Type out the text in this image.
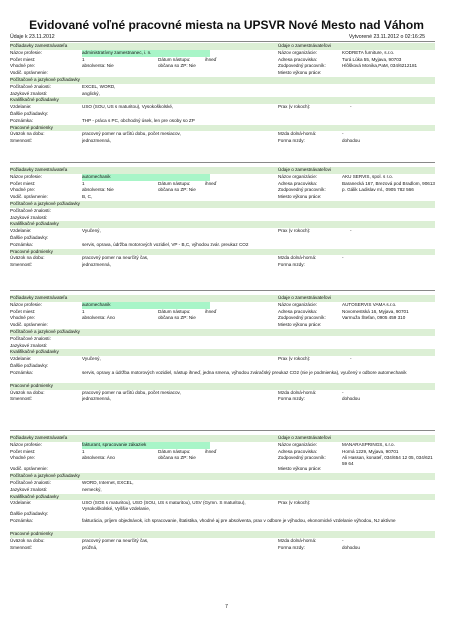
Evidované voľné pracovné miesta na UPSVR Nové Mesto nad Váhom
Údaje k 23.11.2012	Vytvorené 23.11.2012 o 02:16:25
Požiadavky zamestnávateľa	Údaje o zamestnávateľovi
Názov profesie:	administratívny zamestnanec, i. n.	Názov organizácie:	KODRETA furniture, s.r.o.
Počet miest:	1	Dátum nástupu:	ihneď	Adresa pracoviska:	Turá Lúka 55, Myjava, 90703
Vhodné pre:	absolventa: Nie	občana so ZP: Nie	Zodpovedný pracovník:	Hlôšková Monika,PaM, 034/6212181
Vodič. oprávnenie:	Miesto výkonu práce:
Počítačové a jazykové požiadavky
Počítačové znalosti:	EXCEL, WORD,
Jazykové znalosti:	anglický,
Kvalifikačné požiadavky
Vzdelanie:	USO (SOU, US s maturitou), Vysokoškolské,	Prax (v rokoch):	-
Ďalšie požiadavky:
Poznámka:	THP - práca s PC, obchodný úsek, len pre osoby so ZP
Pracovné podmienky
Úväzok na dobu:	pracovný pomer na určitú dobu, počet mesiacov,	Mzda dolná-horná:	-
Smennosť:	jednozmenná,	Forma mzdy:	dohodou
Požiadavky zamestnávateľa	Údaje o zamestnávateľovi
Názov profesie:	automechanik	Názov organizácie:	AKU SERVIS, spol. s r.o.
Počet miest:	1	Dátum nástupu:	ihneď	Adresa pracoviska:	Baranecká 167, Brezová pod Bradlom, 90613
Vhodné pre:	absolventa: Nie	občana so ZP: Nie	Zodpovedný pracovník:	p. Gálik Ladislav ml., 0905 782 566
Vodič. oprávnenie:	B, C,	Miesto výkonu práce:
Počítačové a jazykové požiadavky
Počítačové znalosti:
Jazykové znalosti:
Kvalifikačné požiadavky
Vzdelanie:	Vyučený,	Prax (v rokoch):	-
Ďalšie požiadavky:
Poznámka:	servis, oprava, údržba motorových vozidiel, VP - B,C, výhodou zvár. preukaz CO2
Pracovné podmienky
Úväzok na dobu:	pracovný pomer na neurčitý čas,	Mzda dolná-horná:	-
Smennosť:	jednozmenná,	Forma mzdy:
Požiadavky zamestnávateľa	Údaje o zamestnávateľovi
Názov profesie:	automechanik	Názov organizácie:	AUTOSERVIS VAMA s.r.o.
Počet miest:	1	Dátum nástupu:	ihneď	Adresa pracoviska:	Novomestská 16, Myjava, 90701
Vhodné pre:	absolventa: Áno	občana so ZP: Nie	Zodpovedný pracovník:	Varmuža Štefan, 0905 459 310
Vodič. oprávnenie:	Miesto výkonu práce:
Počítačové a jazykové požiadavky
Počítačové znalosti:
Jazykové znalosti:
Kvalifikačné požiadavky
Vzdelanie:	Vyučený,	Prax (v rokoch):	-
Ďalšie požiadavky:
Poznámka:	servis, opravy a údržba motorových vozidiel, nástup ihneď, jedna smena, výhodou zváračský preukaz CO2 (nie je podmienka), vyučený v odbore automechanik
Pracovné podmienky
Úväzok na dobu:	pracovný pomer na určitú dobu, počet mesiacov,	Mzda dolná-horná:	-
Smennosť:	jednozmenná,	Forma mzdy:	dohodou
Požiadavky zamestnávateľa	Údaje o zamestnávateľovi
Názov profesie:	fakturant, spracovanie zákaziek	Názov organizácie:	MANARASPRINGS, s.r.o.
Počet miest:	1	Dátum nástupu:	ihneď	Adresa pracoviska:	Horná 1229, Myjava, 90701
Vhodné pre:	absolventa: Áno	občana so ZP: Nie	Zodpovedný pracovník:	Ali Hassan, konateľ, 034/654 12 05, 034/621 59 64
Vodič. oprávnenie:	Miesto výkonu práce:
Počítačové a jazykové požiadavky
Počítačové znalosti:	WORD, Internet, EXCEL,
Jazykové znalosti:	nemecký,
Kvalifikačné požiadavky
Vzdelanie:	USO (SOS s maturitou), USO (SOU, US s maturitou), USV (Gymn. S maturitou), Vysokoškolské, Vyššie vzdelanie,
Prax (v rokoch):
Ďalšie požiadavky:
Poznámka:	fakturácia, príjem objednávok, ich spracovanie, štatistika, vhodné aj pre absolventa, prax v odbore je výhodou, ekonomické vzdelanie výhodou, NJ aktívne
Pracovné podmienky
Úväzok na dobu:	pracovný pomer na neurčitý čas,	Mzda dolná-horná:	-
Smennosť:	prúžná,	Forma mzdy:	dohodou
7
